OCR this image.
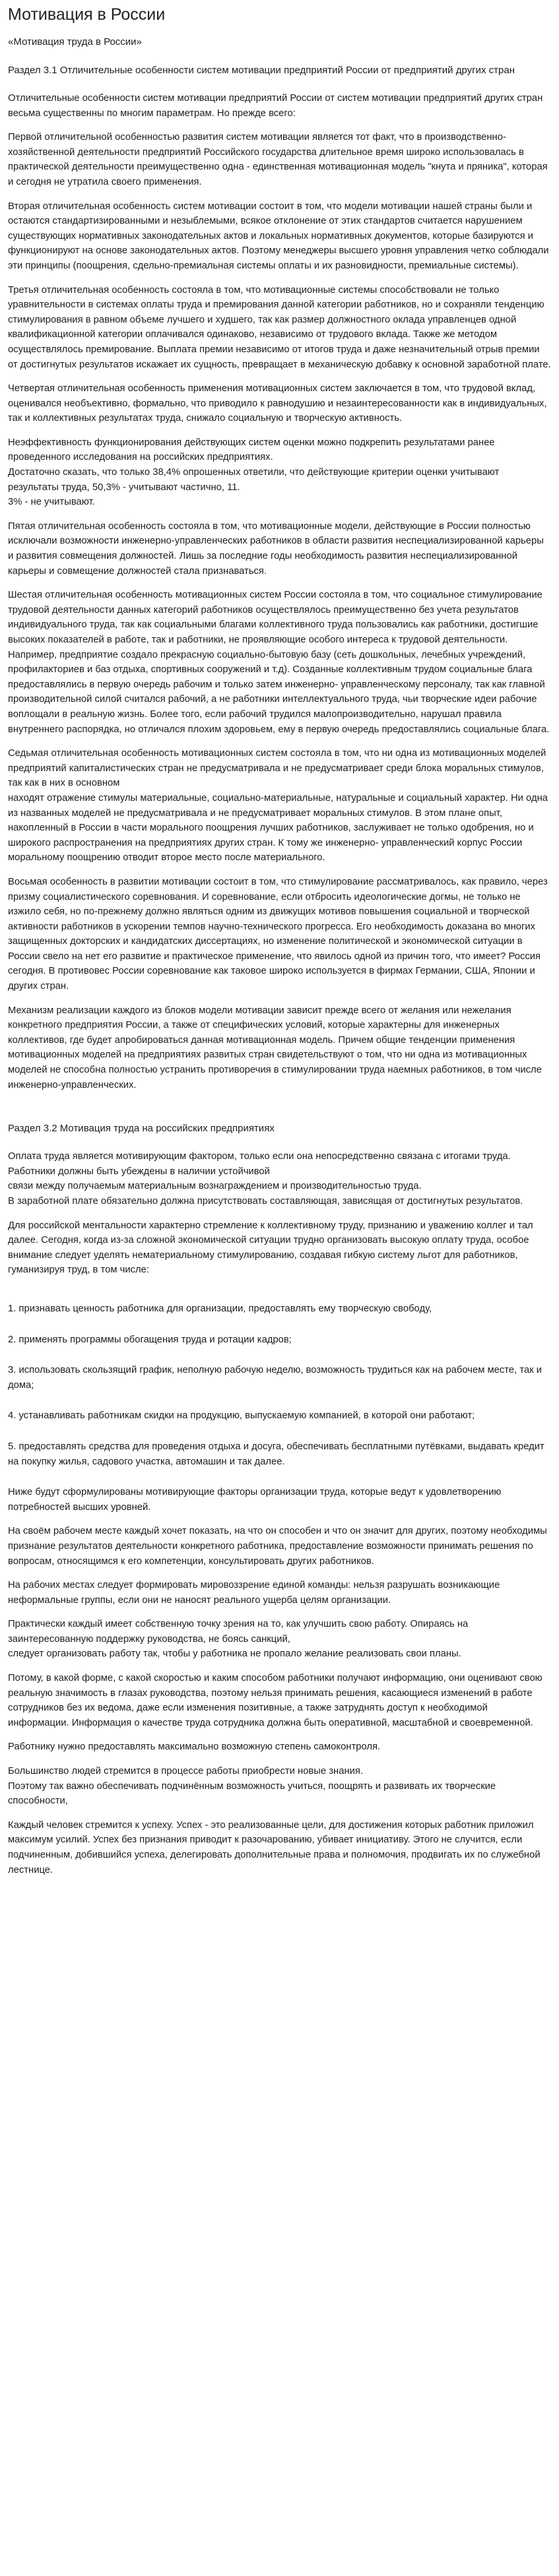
Мотивация в России
«Мотивация труда в России»
Раздел 3.1 Отличительные особенности систем мотивации предприятий России от предприятий других стран

Отличительные особенности систем мотивации предприятий России от систем мотивации предприятий других стран весьма существенны по многим параметрам. Но прежде всего:

Первой отличительной особенностью развития систем мотивации является тот факт, что в производственно-хозяйственной деятельности предприятий Российского государства длительное время широко использовалась в практической деятельности преимущественно одна - единственная мотивационная модель "кнута и пряника", которая и сегодня не утратила своего применения.

Вторая отличительная особенность систем мотивации состоит в том, что модели мотивации нашей страны были и остаются стандартизированными и незыблемыми, всякое отклонение от этих стандартов считается нарушением существующих нормативных законодательных актов и локальных нормативных документов, которые базируются и функционируют на основе законодательных актов. Поэтому менеджеры высшего уровня управления четко соблюдали эти принципы (поощрения, сдельно-премиальная системы оплаты и их разновидности, премиальные системы).

Третья отличительная особенность состояла в том, что мотивационные системы способствовали не только уравнительности в системах оплаты труда и премирования данной категории работников, но и сохраняли тенденцию стимулирования в равном объеме лучшего и худшего, так как размер должностного оклада управленцев одной квалификационной категории оплачивался одинаково, независимо от трудового вклада. Также же методом осуществлялось премирование. Выплата премии независимо от итогов труда и даже незначительный отрыв премии от достигнутых результатов искажает их сущность, превращает в механическую добавку к основной заработной плате.

Четвертая отличительная особенность применения мотивационных систем заключается в том, что трудовой вклад, оценивался необъективно, формально, что приводило к равнодушию и незаинтересованности как в индивидуальных, так и коллективных результатах труда, снижало социальную и творческую активность.

Неэффективность функционирования действующих систем оценки можно подкрепить результатами ранее проведенного исследования на российских предприятиях.
Достаточно сказать, что только 38,4% опрошенных ответили, что действующие критерии оценки учитывают результаты труда, 50,3% - учитывают частично, 11.
3% - не учитывают.

Пятая отличительная особенность состояла в том, что мотивационные модели, действующие в России полностью исключали возможности инженерно-управленческих работников в области развития неспециализированной карьеры и развития совмещения должностей. Лишь за последние годы необходимость развития неспециализированной карьеры и совмещение должностей стала признаваться.

Шестая отличительная особенность мотивационных систем России состояла в том, что социальное стимулирование трудовой деятельности данных категорий работников осуществлялось преимущественно без учета результатов индивидуального труда, так как социальными благами коллективного труда пользовались как работники, достигшие высоких показателей в работе, так и работники, не проявляющие особого интереса к трудовой деятельности.
Например, предприятие создало прекрасную социально-бытовую базу (сеть дошкольных, лечебных учреждений, профилакториев и баз отдыха, спортивных сооружений и т.д). Созданные коллективным трудом социальные блага предоставлялись в первую очередь рабочим и только затем инженерно- управленческому персоналу, так как главной производительной силой считался рабочий, а не работники интеллектуального труда, чьи творческие идеи рабочие воплощали в реальную жизнь. Более того, если рабочий трудился малопроизводительно, нарушал правила внутреннего распорядка, но отличался плохим здоровьем, ему в первую очередь предоставлялись социальные блага.

Седьмая отличительная особенность мотивационных систем состояла в том, что ни одна из мотивационных моделей предприятий капиталистических стран не предусматривала и не предусматривает среди блока моральных стимулов, так как в них в основном
находят отражение стимулы материальные, социально-материальные, натуральные и социальный характер. Ни одна из названных моделей не предусматривала и не предусматривает моральных стимулов. В этом плане опыт, накопленный в России в части морального поощрения лучших работников, заслуживает не только одобрения, но и широкого распространения на предприятиях других стран. К тому же инженерно- управленческий корпус России моральному поощрению отводит второе место после материального.

Восьмая особенность в развитии мотивации состоит в том, что стимулирование рассматривалось, как правило, через призму социалистического соревнования. И соревнование, если отбросить идеологические догмы, не только не изжило себя, но по-прежнему должно являться одним из движущих мотивов повышения социальной и творческой активности работников в ускорении темпов научно-технического прогресса. Его необходимость доказана во многих защищенных докторских и кандидатских диссертациях, но изменение политической и экономической ситуации в России свело на нет его развитие и практическое применение, что явилось одной из причин того, что имеет? Россия сегодня. В противовес России соревнование как таковое широко используется в фирмах Германии, США, Японии и других стран.

Механизм реализации каждого из блоков модели мотивации зависит прежде всего от желания или нежелания конкретного предприятия России, а также от специфических условий, которые характерны для инженерных коллективов, где будет апробироваться данная мотивационная модель. Причем общие тенденции применения мотивационных моделей на предприятиях развитых стран свидетельствуют о том, что ни одна из мотивационных моделей не способна полностью устранить противоречия в стимулировании труда наемных работников, в том числе инженерно-управленческих.

Раздел 3.2 Мотивация труда на российских предприятиях

Оплата труда является мотивирующим фактором, только если она непосредственно связана с итогами труда. Работники должны быть убеждены в наличии устойчивой
связи между получаемым материальным вознаграждением и производительностью труда.
В заработной плате обязательно должна присутствовать составляющая, зависящая от достигнутых результатов.

Для российской ментальности характерно стремление к коллективному труду, признанию и уважению коллег и тал далее. Сегодня, когда из-за сложной экономической ситуации трудно организовать высокую оплату труда, особое внимание следует уделять нематериальному стимулированию, создавая гибкую систему льгот для работников, гуманизируя труд, в том числе:

1. признавать ценность работника для организации, предоставлять ему творческую свободу,

2. применять программы обогащения труда и ротации кадров;

3. использовать скользящий график, неполную рабочую неделю, возможность трудиться как на рабочем месте, так и дома;

4. устанавливать работникам скидки на продукцию, выпускаемую компанией, в которой они работают;

5. предоставлять средства для проведения отдыха и досуга, обеспечивать бесплатными путёвками, выдавать кредит на покупку жилья, садового участка, автомашин и так далее.

Ниже будут сформулированы мотивирующие факторы организации труда, которые ведут к удовлетворению потребностей высших уровней.

На своём рабочем месте каждый хочет показать, на что он способен и что он значит для других, поэтому необходимы признание результатов деятельности конкретного работника, предоставление возможности принимать решения по вопросам, относящимся к его компетенции, консультировать других работников.

На рабочих местах следует формировать мировоззрение единой команды: нельзя разрушать возникающие неформальные группы, если они не наносят реального ущерба целям организации.

Практически каждый имеет собственную точку зрения на то, как улучшить свою работу. Опираясь на заинтересованную поддержку руководства, не боясь санкций,
следует организовать работу так, чтобы у работника не пропало желание реализовать свои планы.

Потому, в какой форме, с какой скоростью и каким способом работники получают информацию, они оценивают свою реальную значимость в глазах руководства, поэтому нельзя принимать решения, касающиеся изменений в работе сотрудников без их ведома, даже если изменения позитивные, а также затруднять доступ к необходимой информации. Информация о качестве труда сотрудника должна быть оперативной, масштабной и своевременной.

Работнику нужно предоставлять максимально возможную степень самоконтроля.

Большинство людей стремится в процессе работы приобрести новые знания.
Поэтому так важно обеспечивать подчинённым возможность учиться, поощрять и развивать их творческие способности,

Каждый человек стремится к успеху. Успех - это реализованные цели, для достижения которых работник приложил максимум усилий. Успех без признания приводит к разочарованию, убивает инициативу. Этого не случится, если подчиненным, добившийся успеха, делегировать дополнительные права и полномочия, продвигать их по служебной лестнице.
